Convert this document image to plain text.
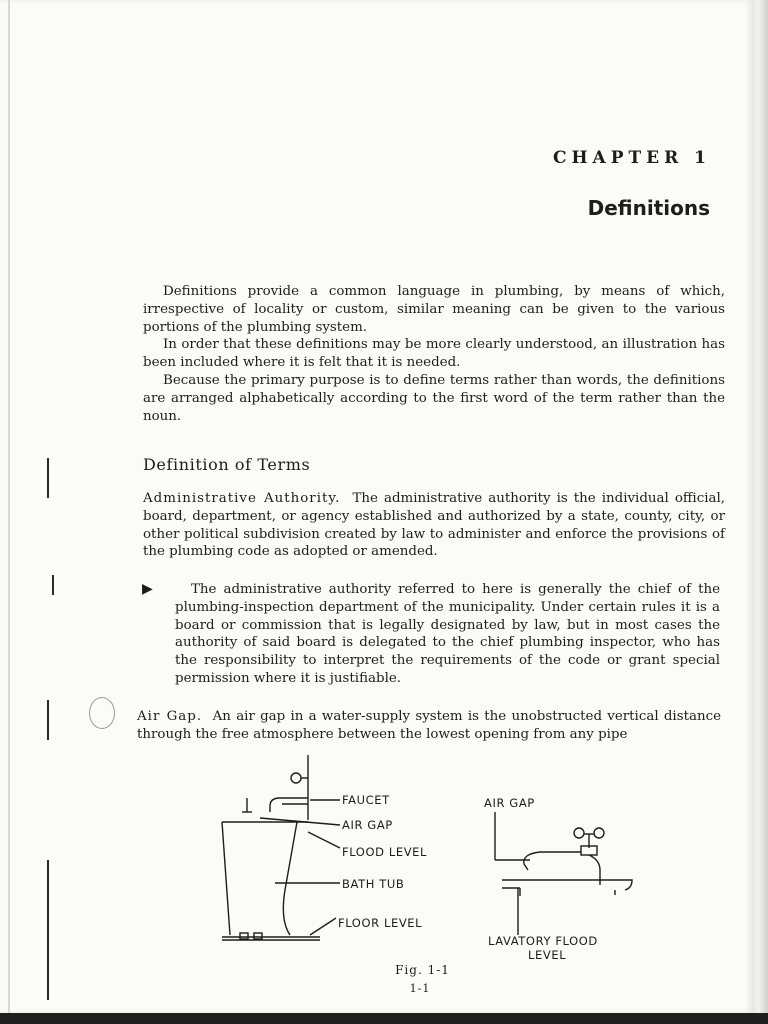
CHAPTER 1
Definitions

Definitions provide a common language in plumbing, by means of which, irrespective of locality or custom, similar meaning can be given to the various portions of the plumbing system.

In order that these definitions may be more clearly understood, an illustration has been included where it is felt that it is needed.

Because the primary purpose is to define terms rather than words, the definitions are arranged alphabetically according to the first word of the term rather than the noun.

Definition of Terms

Administrative Authority. The administrative authority is the individual official, board, department, or agency established and authorized by a state, county, city, or other political subdivision created by law to administer and enforce the provisions of the plumbing code as adopted or amended.

▶	The administrative authority referred to here is generally the chief of the plumbing-inspection department of the municipality. Under certain rules it is a board or commission that is legally designated by law, but in most cases the authority of said board is delegated to the chief plumbing inspector, who has the responsibility to interpret the requirements of the code or grant special permission where it is justifiable.

Air Gap. An air gap in a water-supply system is the unobstructed vertical distance through the free atmosphere between the lowest opening from any pipe

FAUCET
AIR GAP
FLOOD LEVEL
BATH TUB
FLOOR LEVEL
AIR GAP
LAVATORY FLOOD
LEVEL
Fig. 1-1
1-1
